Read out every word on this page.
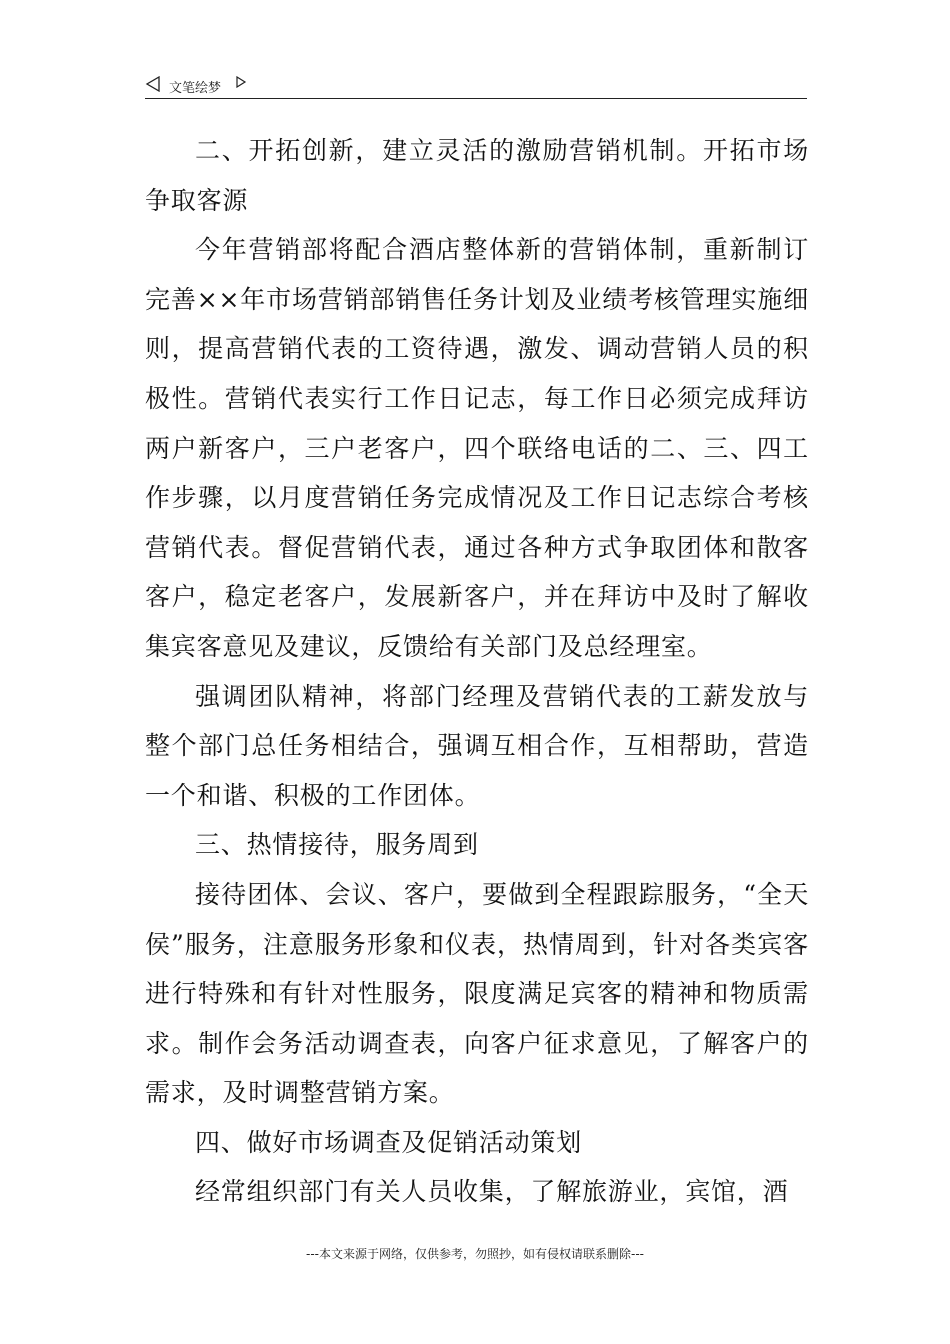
文笔绘梦

二、开拓创新，建立灵活的激励营销机制。开拓市场争取客源

今年营销部将配合酒店整体新的营销体制，重新制订完善××年市场营销部销售任务计划及业绩考核管理实施细则，提高营销代表的工资待遇，激发、调动营销人员的积极性。营销代表实行工作日记志，每工作日必须完成拜访两户新客户，三户老客户，四个联络电话的二、三、四工作步骤，以月度营销任务完成情况及工作日记志综合考核营销代表。督促营销代表，通过各种方式争取团体和散客客户，稳定老客户，发展新客户，并在拜访中及时了解收集宾客意见及建议，反馈给有关部门及总经理室。

强调团队精神，将部门经理及营销代表的工薪发放与整个部门总任务相结合，强调互相合作，互相帮助，营造一个和谐、积极的工作团体。

三、热情接待，服务周到

接待团体、会议、客户，要做到全程跟踪服务，“全天侯”服务，注意服务形象和仪表，热情周到，针对各类宾客进行特殊和有针对性服务，限度满足宾客的精神和物质需求。制作会务活动调查表，向客户征求意见，了解客户的需求，及时调整营销方案。

四、做好市场调查及促销活动策划

经常组织部门有关人员收集，了解旅游业，宾馆，酒

---本文来源于网络，仅供参考，勿照抄，如有侵权请联系删除---
